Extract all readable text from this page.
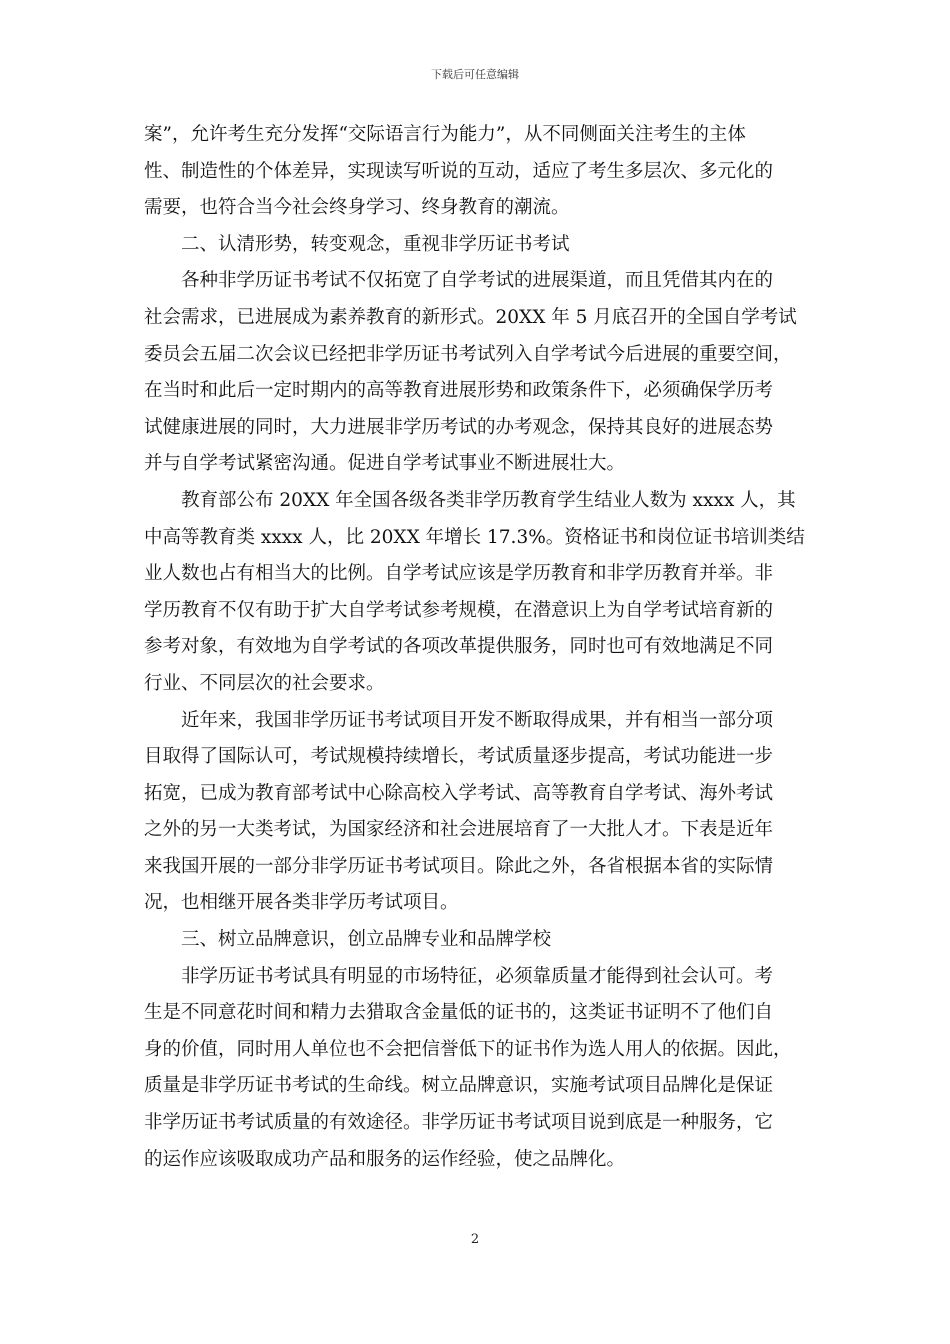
下载后可任意编辑
案”，允许考生充分发挥“交际语言行为能力”，从不同侧面关注考生的主体
性、制造性的个体差异，实现读写听说的互动，适应了考生多层次、多元化的
需要，也符合当今社会终身学习、终身教育的潮流。
二、认清形势，转变观念，重视非学历证书考试
各种非学历证书考试不仅拓宽了自学考试的进展渠道，而且凭借其内在的
社会需求，已进展成为素养教育的新形式。20XX 年 5 月底召开的全国自学考试
委员会五届二次会议已经把非学历证书考试列入自学考试今后进展的重要空间，
在当时和此后一定时期内的高等教育进展形势和政策条件下，必须确保学历考
试健康进展的同时，大力进展非学历考试的办考观念，保持其良好的进展态势
并与自学考试紧密沟通。促进自学考试事业不断进展壮大。
教育部公布 20XX 年全国各级各类非学历教育学生结业人数为 xxxx 人，其
中高等教育类 xxxx 人，比 20XX 年增长 17.3%。资格证书和岗位证书培训类结
业人数也占有相当大的比例。自学考试应该是学历教育和非学历教育并举。非
学历教育不仅有助于扩大自学考试参考规模，在潜意识上为自学考试培育新的
参考对象，有效地为自学考试的各项改革提供服务，同时也可有效地满足不同
行业、不同层次的社会要求。
近年来，我国非学历证书考试项目开发不断取得成果，并有相当一部分项
目取得了国际认可，考试规模持续增长，考试质量逐步提高，考试功能进一步
拓宽，已成为教育部考试中心除高校入学考试、高等教育自学考试、海外考试
之外的另一大类考试，为国家经济和社会进展培育了一大批人才。下表是近年
来我国开展的一部分非学历证书考试项目。除此之外，各省根据本省的实际情
况，也相继开展各类非学历考试项目。
三、树立品牌意识，创立品牌专业和品牌学校
非学历证书考试具有明显的市场特征，必须靠质量才能得到社会认可。考
生是不同意花时间和精力去猎取含金量低的证书的，这类证书证明不了他们自
身的价值，同时用人单位也不会把信誉低下的证书作为选人用人的依据。因此，
质量是非学历证书考试的生命线。树立品牌意识，实施考试项目品牌化是保证
非学历证书考试质量的有效途径。非学历证书考试项目说到底是一种服务，它
的运作应该吸取成功产品和服务的运作经验，使之品牌化。
2
